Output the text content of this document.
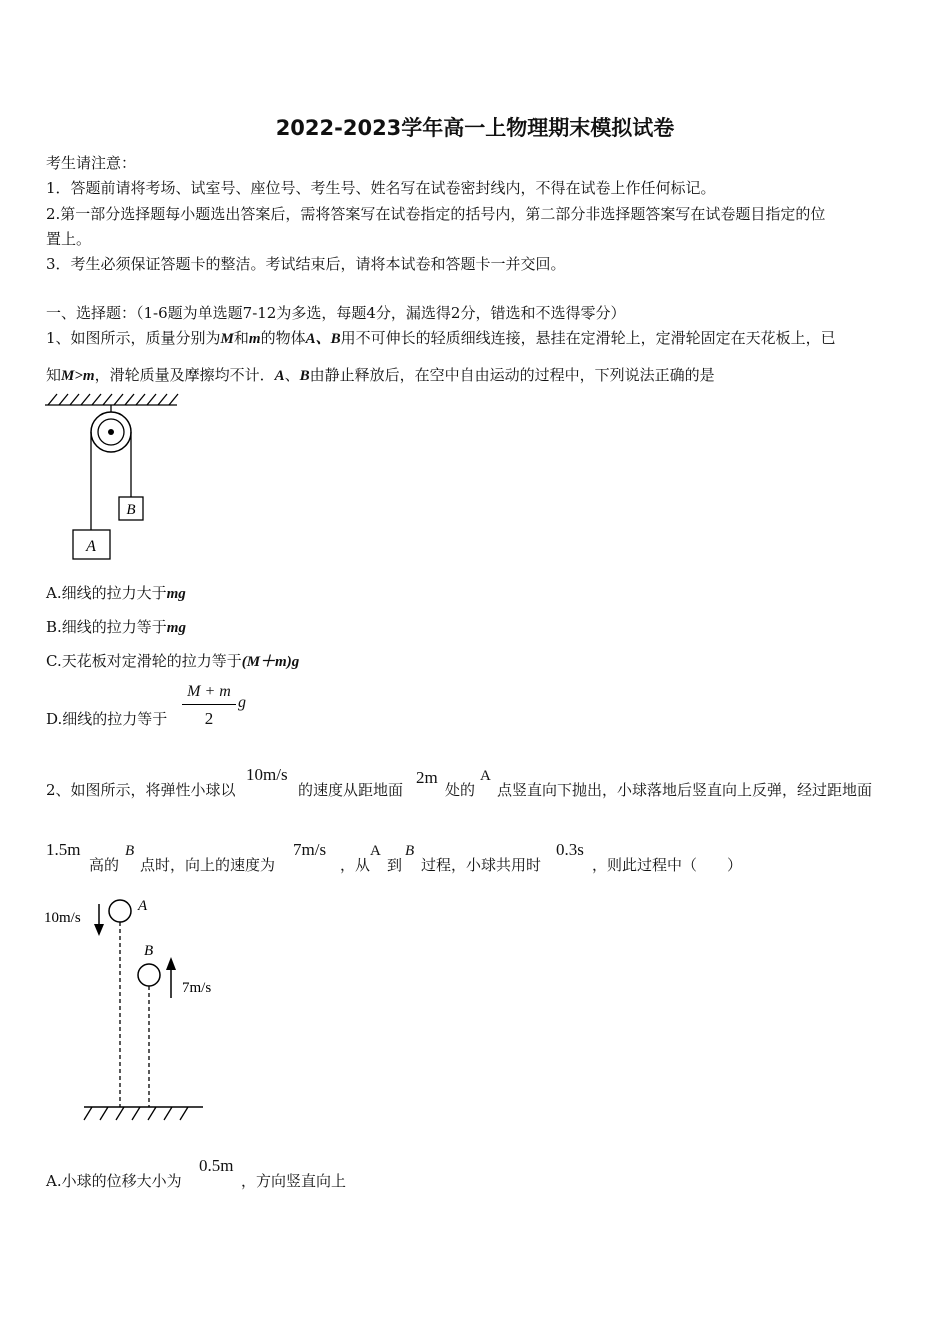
2022-2023学年高一上物理期末模拟试卷
考生请注意：
1．答题前请将考场、试室号、座位号、考生号、姓名写在试卷密封线内，不得在试卷上作任何标记。
2.第一部分选择题每小题选出答案后，需将答案写在试卷指定的括号内，第二部分非选择题答案写在试卷题目指定的位
置上。
3．考生必须保证答题卡的整洁。考试结束后，请将本试卷和答题卡一并交回。
一、选择题：（1-6题为单选题7-12为多选，每题4分，漏选得2分，错选和不选得零分）
1、如图所示，质量分别为M和m的物体A、B用不可伸长的轻质细线连接，悬挂在定滑轮上，定滑轮固定在天花板上，已
知M>m，滑轮质量及摩擦均不计．A、B由静止释放后，在空中自由运动的过程中，下列说法正确的是
B
A
A.细线的拉力大于mg
B.细线的拉力等于mg
C.天花板对定滑轮的拉力等于(M＋m)g
D.细线的拉力等于
M + m
2
g
2、如图所示，将弹性小球以
10m/s
的速度从距地面
2m
处的
A
点竖直向下抛出，小球落地后竖直向上反弹，经过距地面
1.5m
高的
B
点时，向上的速度为
7m/s
，从
A
到
B
过程，小球共用时
0.3s
，则此过程中（　　）
10m/s
A
B
7m/s
A.小球的位移大小为
0.5m
，方向竖直向上
